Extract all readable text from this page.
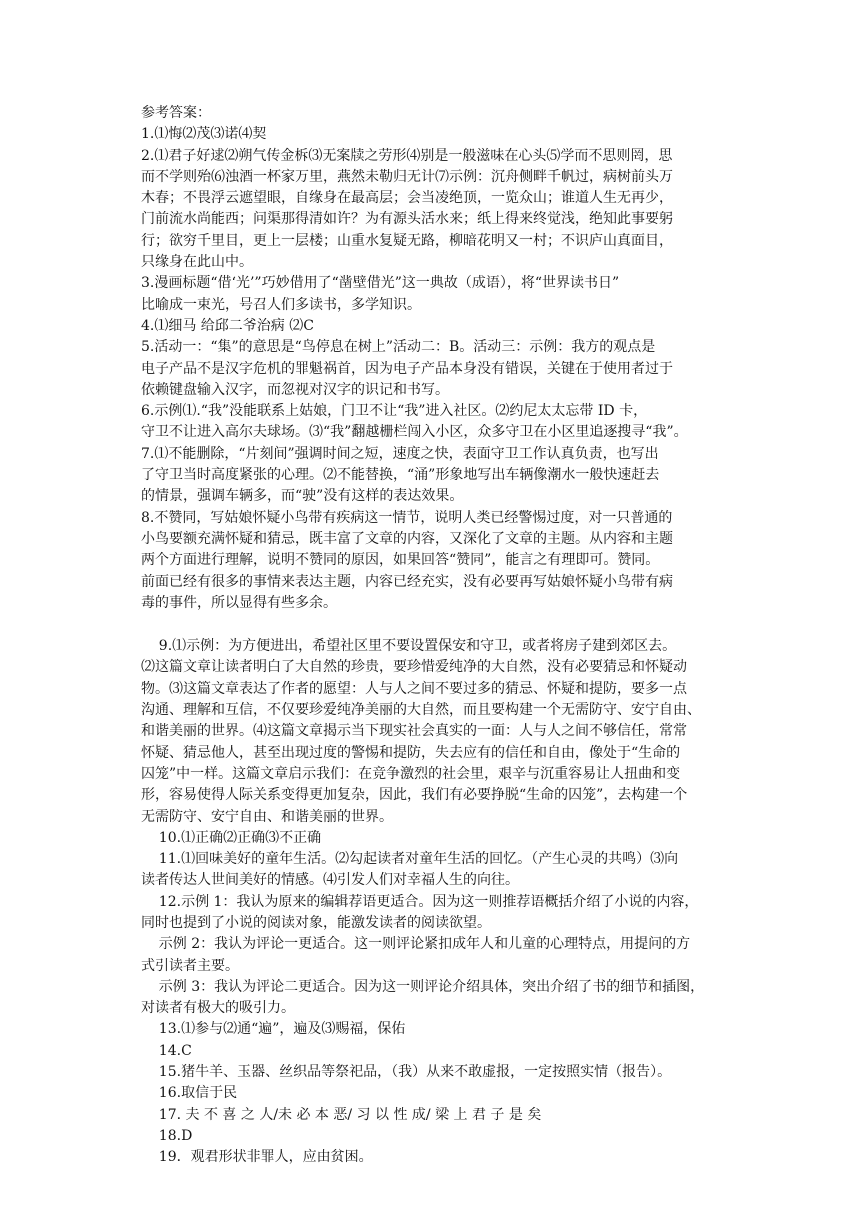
参考答案：
1.⑴悔⑵茂⑶诺⑷契
2.⑴君子好逑⑵朔气传金柝⑶无案牍之劳形⑷别是一般滋味在心头⑸学而不思则罔，思
而不学则殆⑹浊酒一杯家万里，燕然未勒归无计⑺示例：沉舟侧畔千帆过，病树前头万
木春；不畏浮云遮望眼，自缘身在最高层；会当凌绝顶，一览众山；谁道人生无再少，
门前流水尚能西；问渠那得清如许？为有源头活水来；纸上得来终觉浅，绝知此事要躬
行；欲穷千里目，更上一层楼；山重水复疑无路，柳暗花明又一村；不识庐山真面目，
只缘身在此山中。
3.漫画标题“借‘光’”巧妙借用了“凿壁借光”这一典故（成语），将“世界读书日”
比喻成一束光，号召人们多读书，多学知识。
4.⑴细马 给邱二爷治病 ⑵C
5.活动一：“集”的意思是“鸟停息在树上”活动二：B。活动三：示例：我方的观点是
电子产品不是汉字危机的罪魁祸首，因为电子产品本身没有错误，关键在于使用者过于
依赖键盘输入汉字，而忽视对汉字的识记和书写。
6.示例⑴.“我”没能联系上姑娘，门卫不让“我”进入社区。⑵约尼太太忘带 ID 卡，
守卫不让进入高尔夫球场。⑶“我”翻越栅栏闯入小区，众多守卫在小区里追逐搜寻“我”。
7.⑴不能删除，“片刻间”强调时间之短，速度之快，表面守卫工作认真负责，也写出
了守卫当时高度紧张的心理。⑵不能替换，“涌”形象地写出车辆像潮水一般快速赶去
的情景，强调车辆多，而“驶”没有这样的表达效果。
8.不赞同，写姑娘怀疑小鸟带有疾病这一情节，说明人类已经警惕过度，对一只普通的
小鸟要额充满怀疑和猜忌，既丰富了文章的内容，又深化了文章的主题。从内容和主题
两个方面进行理解，说明不赞同的原因，如果回答“赞同”，能言之有理即可。赞同。
前面已经有很多的事情来表达主题，内容已经充实，没有必要再写姑娘怀疑小鸟带有病
毒的事件，所以显得有些多余。
9.⑴示例：为方便进出，希望社区里不要设置保安和守卫，或者将房子建到郊区去。
⑵这篇文章让读者明白了大自然的珍贵，要珍惜爱纯净的大自然，没有必要猜忌和怀疑动
物。⑶这篇文章表达了作者的愿望：人与人之间不要过多的猜忌、怀疑和提防，要多一点
沟通、理解和互信，不仅要珍爱纯净美丽的大自然，而且要构建一个无需防守、安宁自由、
和谐美丽的世界。⑷这篇文章揭示当下现实社会真实的一面：人与人之间不够信任，常常
怀疑、猜忌他人，甚至出现过度的警惕和提防，失去应有的信任和自由，像处于“生命的
囚笼”中一样。这篇文章启示我们：在竞争激烈的社会里，艰辛与沉重容易让人扭曲和变
形，容易使得人际关系变得更加复杂，因此，我们有必要挣脱“生命的囚笼”，去构建一个
无需防守、安宁自由、和谐美丽的世界。
10.⑴正确⑵正确⑶不正确
11.⑴回味美好的童年生活。⑵勾起读者对童年生活的回忆。（产生心灵的共鸣）⑶向
读者传达人世间美好的情感。⑷引发人们对幸福人生的向往。
12.示例 1：我认为原来的编辑荐语更适合。因为这一则推荐语概括介绍了小说的内容，
同时也提到了小说的阅读对象，能激发读者的阅读欲望。
示例 2：我认为评论一更适合。这一则评论紧扣成年人和儿童的心理特点，用提问的方
式引读者主要。
示例 3：我认为评论二更适合。因为这一则评论介绍具体，突出介绍了书的细节和插图，
对读者有极大的吸引力。
13.⑴参与⑵通“遍”，遍及⑶赐福，保佑
14.C
15.猪牛羊、玉器、丝织品等祭祀品，（我）从来不敢虚报，一定按照实情（报告）。
16.取信于民
17. 夫 不 喜 之 人/未 必 本 恶/ 习 以 性 成/ 梁 上 君 子 是 矣
18.D
19．观君形状非罪人，应由贫困。
